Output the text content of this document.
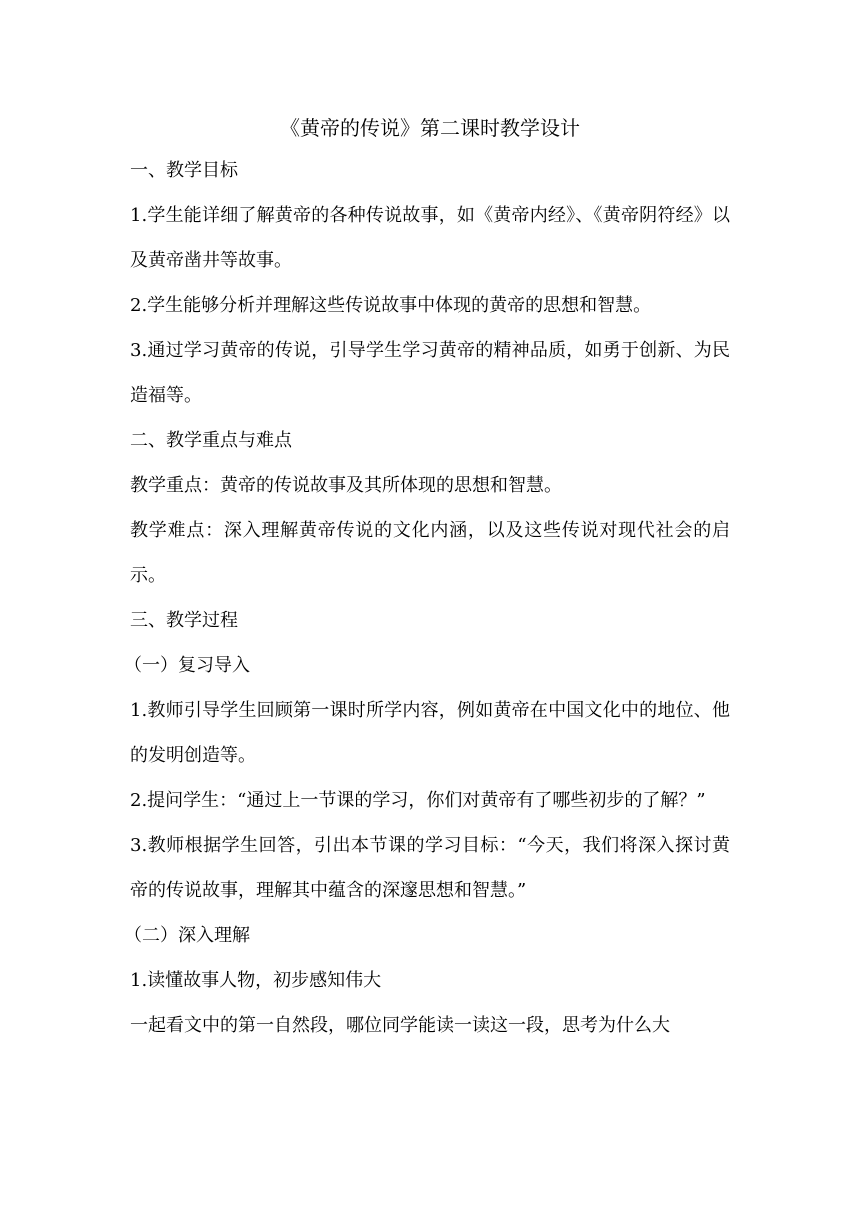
《黄帝的传说》第二课时教学设计

一、教学目标

1.学生能详细了解黄帝的各种传说故事，如《黄帝内经》、《黄帝阴符经》以及黄帝凿井等故事。

2.学生能够分析并理解这些传说故事中体现的黄帝的思想和智慧。

3.通过学习黄帝的传说，引导学生学习黄帝的精神品质，如勇于创新、为民造福等。

二、教学重点与难点

教学重点：黄帝的传说故事及其所体现的思想和智慧。

教学难点：深入理解黄帝传说的文化内涵，以及这些传说对现代社会的启示。

三、教学过程

（一）复习导入

1.教师引导学生回顾第一课时所学内容，例如黄帝在中国文化中的地位、他的发明创造等。

2.提问学生：“通过上一节课的学习，你们对黄帝有了哪些初步的了解？”

3.教师根据学生回答，引出本节课的学习目标：“今天，我们将深入探讨黄帝的传说故事，理解其中蕴含的深邃思想和智慧。”

（二）深入理解

1.读懂故事人物，初步感知伟大

一起看文中的第一自然段，哪位同学能读一读这一段，思考为什么大
